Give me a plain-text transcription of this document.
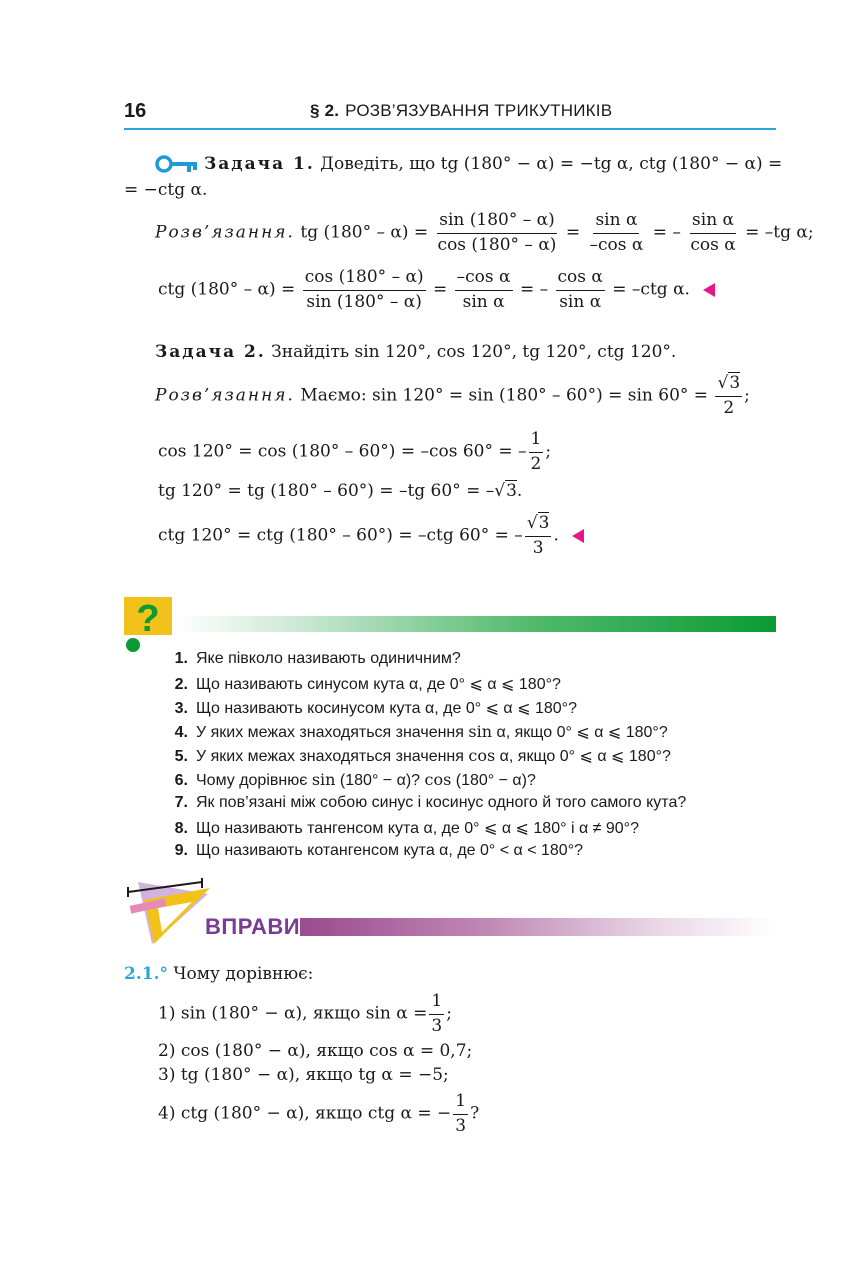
16	§ 2. РОЗВ’ЯЗУВАННЯ ТРИКУТНИКІВ
Задача 1. Доведіть, що tg (180° − α) = −tg α, ctg (180° − α) =
= −ctg α.
Розв’язання. tg $(180^\circ - \alpha) = \frac{\sin (180^\circ - \alpha)}{\cos (180^\circ - \alpha)} = \frac{\text{sin α}}{\text{–cos α}}$ = – $\frac{\text{sin α}}{\text{cos α}} = -tg$ α;
ctg $(180^\circ - \alpha) = \frac{\cos (180^\circ - \alpha)}{\sin (180^\circ - \alpha)} = \frac{\text{–cos α}}{\text{sin α}}$ = – $\frac{\text{cos α}}{\text{sin α}} = -ctg$ α.
Задача 2. Знайдіть sin 120°, cos 120°, tg 120°, ctg 120°.
Розв’язання. Маємо: $\sin 120^\circ = \sin (180^\circ - 60^\circ) = \sin 60^\circ = \frac{√3}{2}$ ;
cos 120° = cos (180° – 60°) = –cos 60° = – $\frac{1}{2}$ ;
tg 120° = tg (180° – 60°) = –tg 60° = –√3.
ctg 120° = ctg (180° – 60°) = –ctg 60° = – $\frac{√3}{3}$ .
?
1. Яке півколо називають одиничним?
2. Що називають синусом кута α, де 0° ⩽ α ⩽ 180°?
3. Що називають косинусом кута α, де 0° ⩽ α ⩽ 180°?
4. У яких межах знаходяться значення sin α, якщо 0° ⩽ α ⩽ 180°?
5. У яких межах знаходяться значення cos α, якщо 0° ⩽ α ⩽ 180°?
6. Чому дорівнює sin (180° − α)? cos (180° − α)?
7. Як пов’язані між собою синус і косинус одного й того самого кута?
8. Що називають тангенсом кута α, де 0° ⩽ α ⩽ 180° і α ≠ 90°?
9. Що називають котангенсом кута α, де 0° < α < 180°?
ВПРАВИ
2.1.° Чому дорівнює:
1) sin (180° − α), якщо $\sin \alpha = \frac{1}{3}$ ;
2) cos (180° − α), якщо cos α = 0,7;
3) tg (180° − α), якщо tg α = −5;
4) ctg (180° − α), якщо ctg α = − $\frac{1}{3}$ ?
